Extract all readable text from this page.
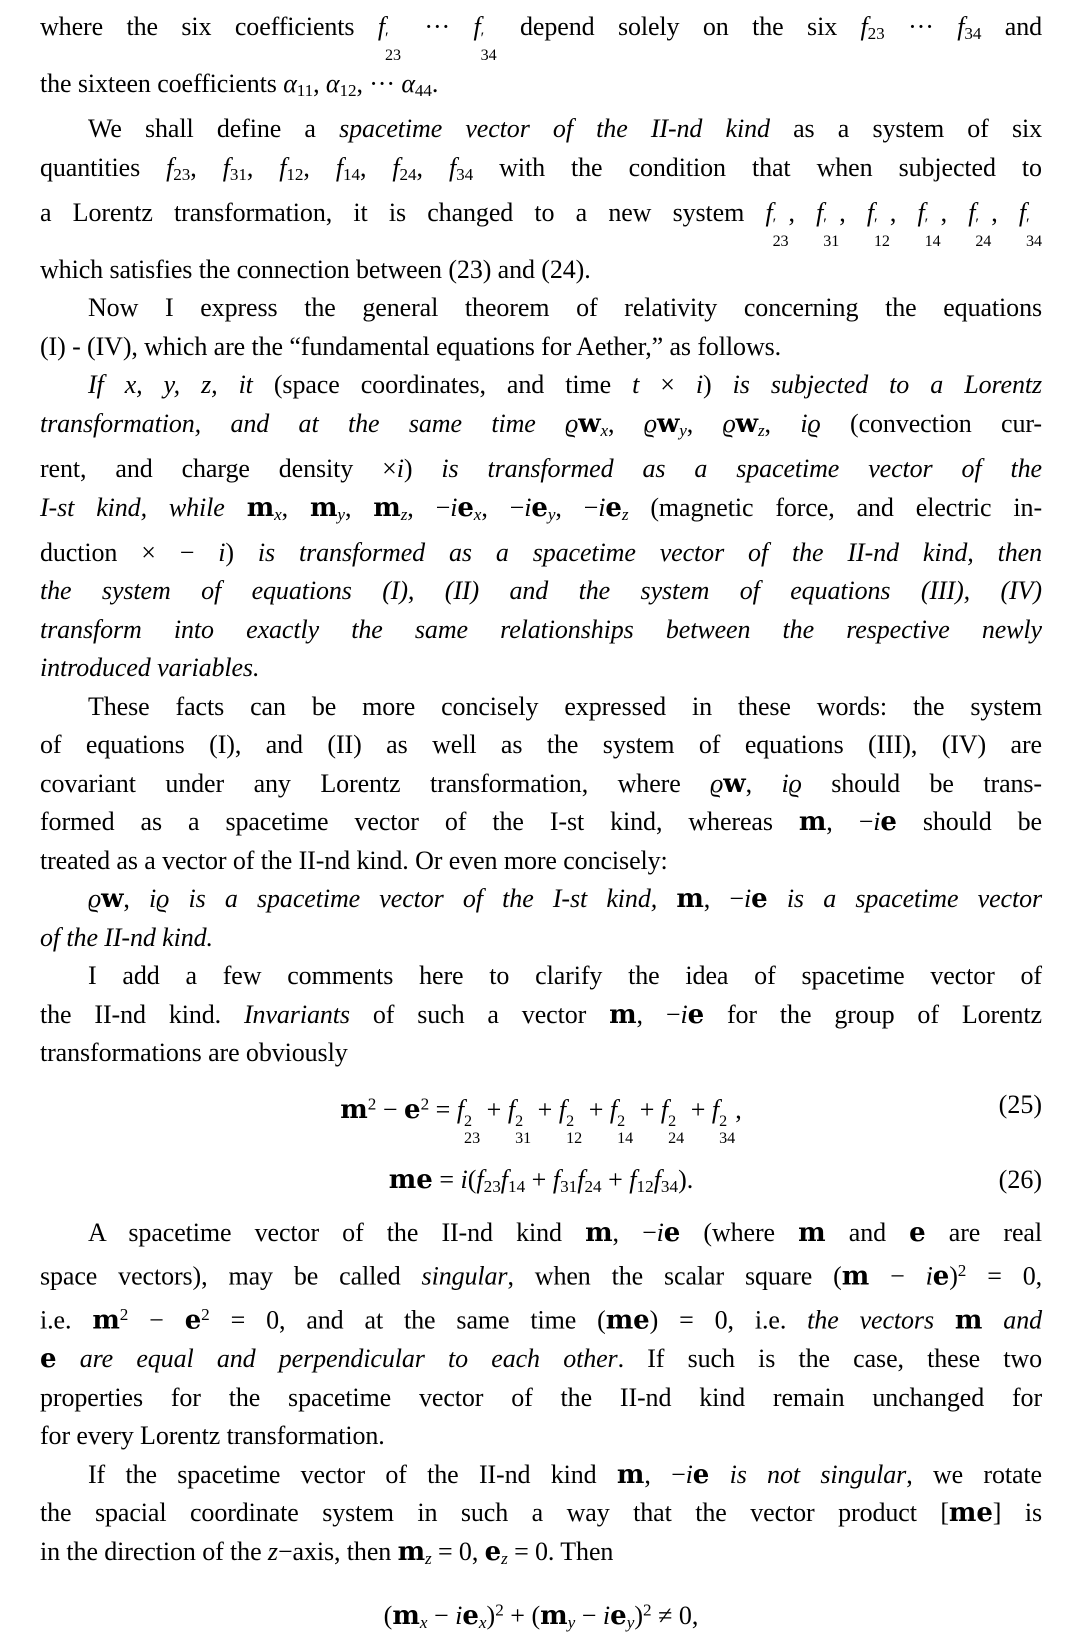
where the six coefficients f ′
23
··· f ′
34
depend solely on the six f23 ··· f34 and
the sixteen coefficients α11, α12, ··· α44.
We shall define a spacetime vector of the II-nd kind as a system of six
quantities f23, f31, f12, f14, f24, f34 with the condition that when subjected to
a Lorentz transformation, it is changed to a new system f ′
23
, f ′
31
, f ′
12
, f ′
14
, f ′
24
, f ′
34
which satisfies the connection between (23) and (24).
Now I express the general theorem of relativity concerning the equations
(I) - (IV), which are the “fundamental equations for Aether,” as follows.
If x, y, z, it (space coordinates, and time t × i) is subjected to a Lorentz
transformation, and at the same time ϱwx, ϱwy, ϱwz, iϱ (convection cur-
rent, and charge density ×i) is transformed as a spacetime vector of the
I-st kind, while mx, my, mz, −iex, −iey, −iez (magnetic force, and electric in-
duction × − i) is transformed as a spacetime vector of the II-nd kind, then
the system of equations (I), (II) and the system of equations (III), (IV)
transform into exactly the same relationships between the respective newly
introduced variables.
These facts can be more concisely expressed in these words: the system
of equations (I), and (II) as well as the system of equations (III), (IV) are
covariant under any Lorentz transformation, where ϱw, iϱ should be trans-
formed as a spacetime vector of the I-st kind, whereas m, −ie should be
treated as a vector of the II-nd kind. Or even more concisely:
ϱw, iϱ is a spacetime vector of the I-st kind, m, −ie is a spacetime vector
of the II-nd kind.
I add a few comments here to clarify the idea of spacetime vector of
the II-nd kind. Invariants of such a vector m, −ie for the group of Lorentz
transformations are obviously
$m^2 - e^2 = f$ 2
23
+ f 2
31
+ f 2
12
+ f 2
14
+ f 2
24
+ f 2
34
,	(25)
me = i(f23f14 + f31f24 + f12f34).	(26)
A spacetime vector of the II-nd kind m, −ie (where m and e are real
space vectors), may be called singular, when the scalar square (m − ie)$^2$ = 0,
i.e. $m^2 - e^2 = 0$, and at the same time (me) = 0, i.e. the vectors m and
e are equal and perpendicular to each other. If such is the case, these two
properties for the spacetime vector of the II-nd kind remain unchanged for
for every Lorentz transformation.
If the spacetime vector of the II-nd kind m, −ie is not singular, we rotate
the spacial coordinate system in such a way that the vector product [me] is
in the direction of the z−axis, then mz = 0, ez = 0. Then
(mx − iex)$^2$ + (my − iey)$^2$ ≠ 0,
